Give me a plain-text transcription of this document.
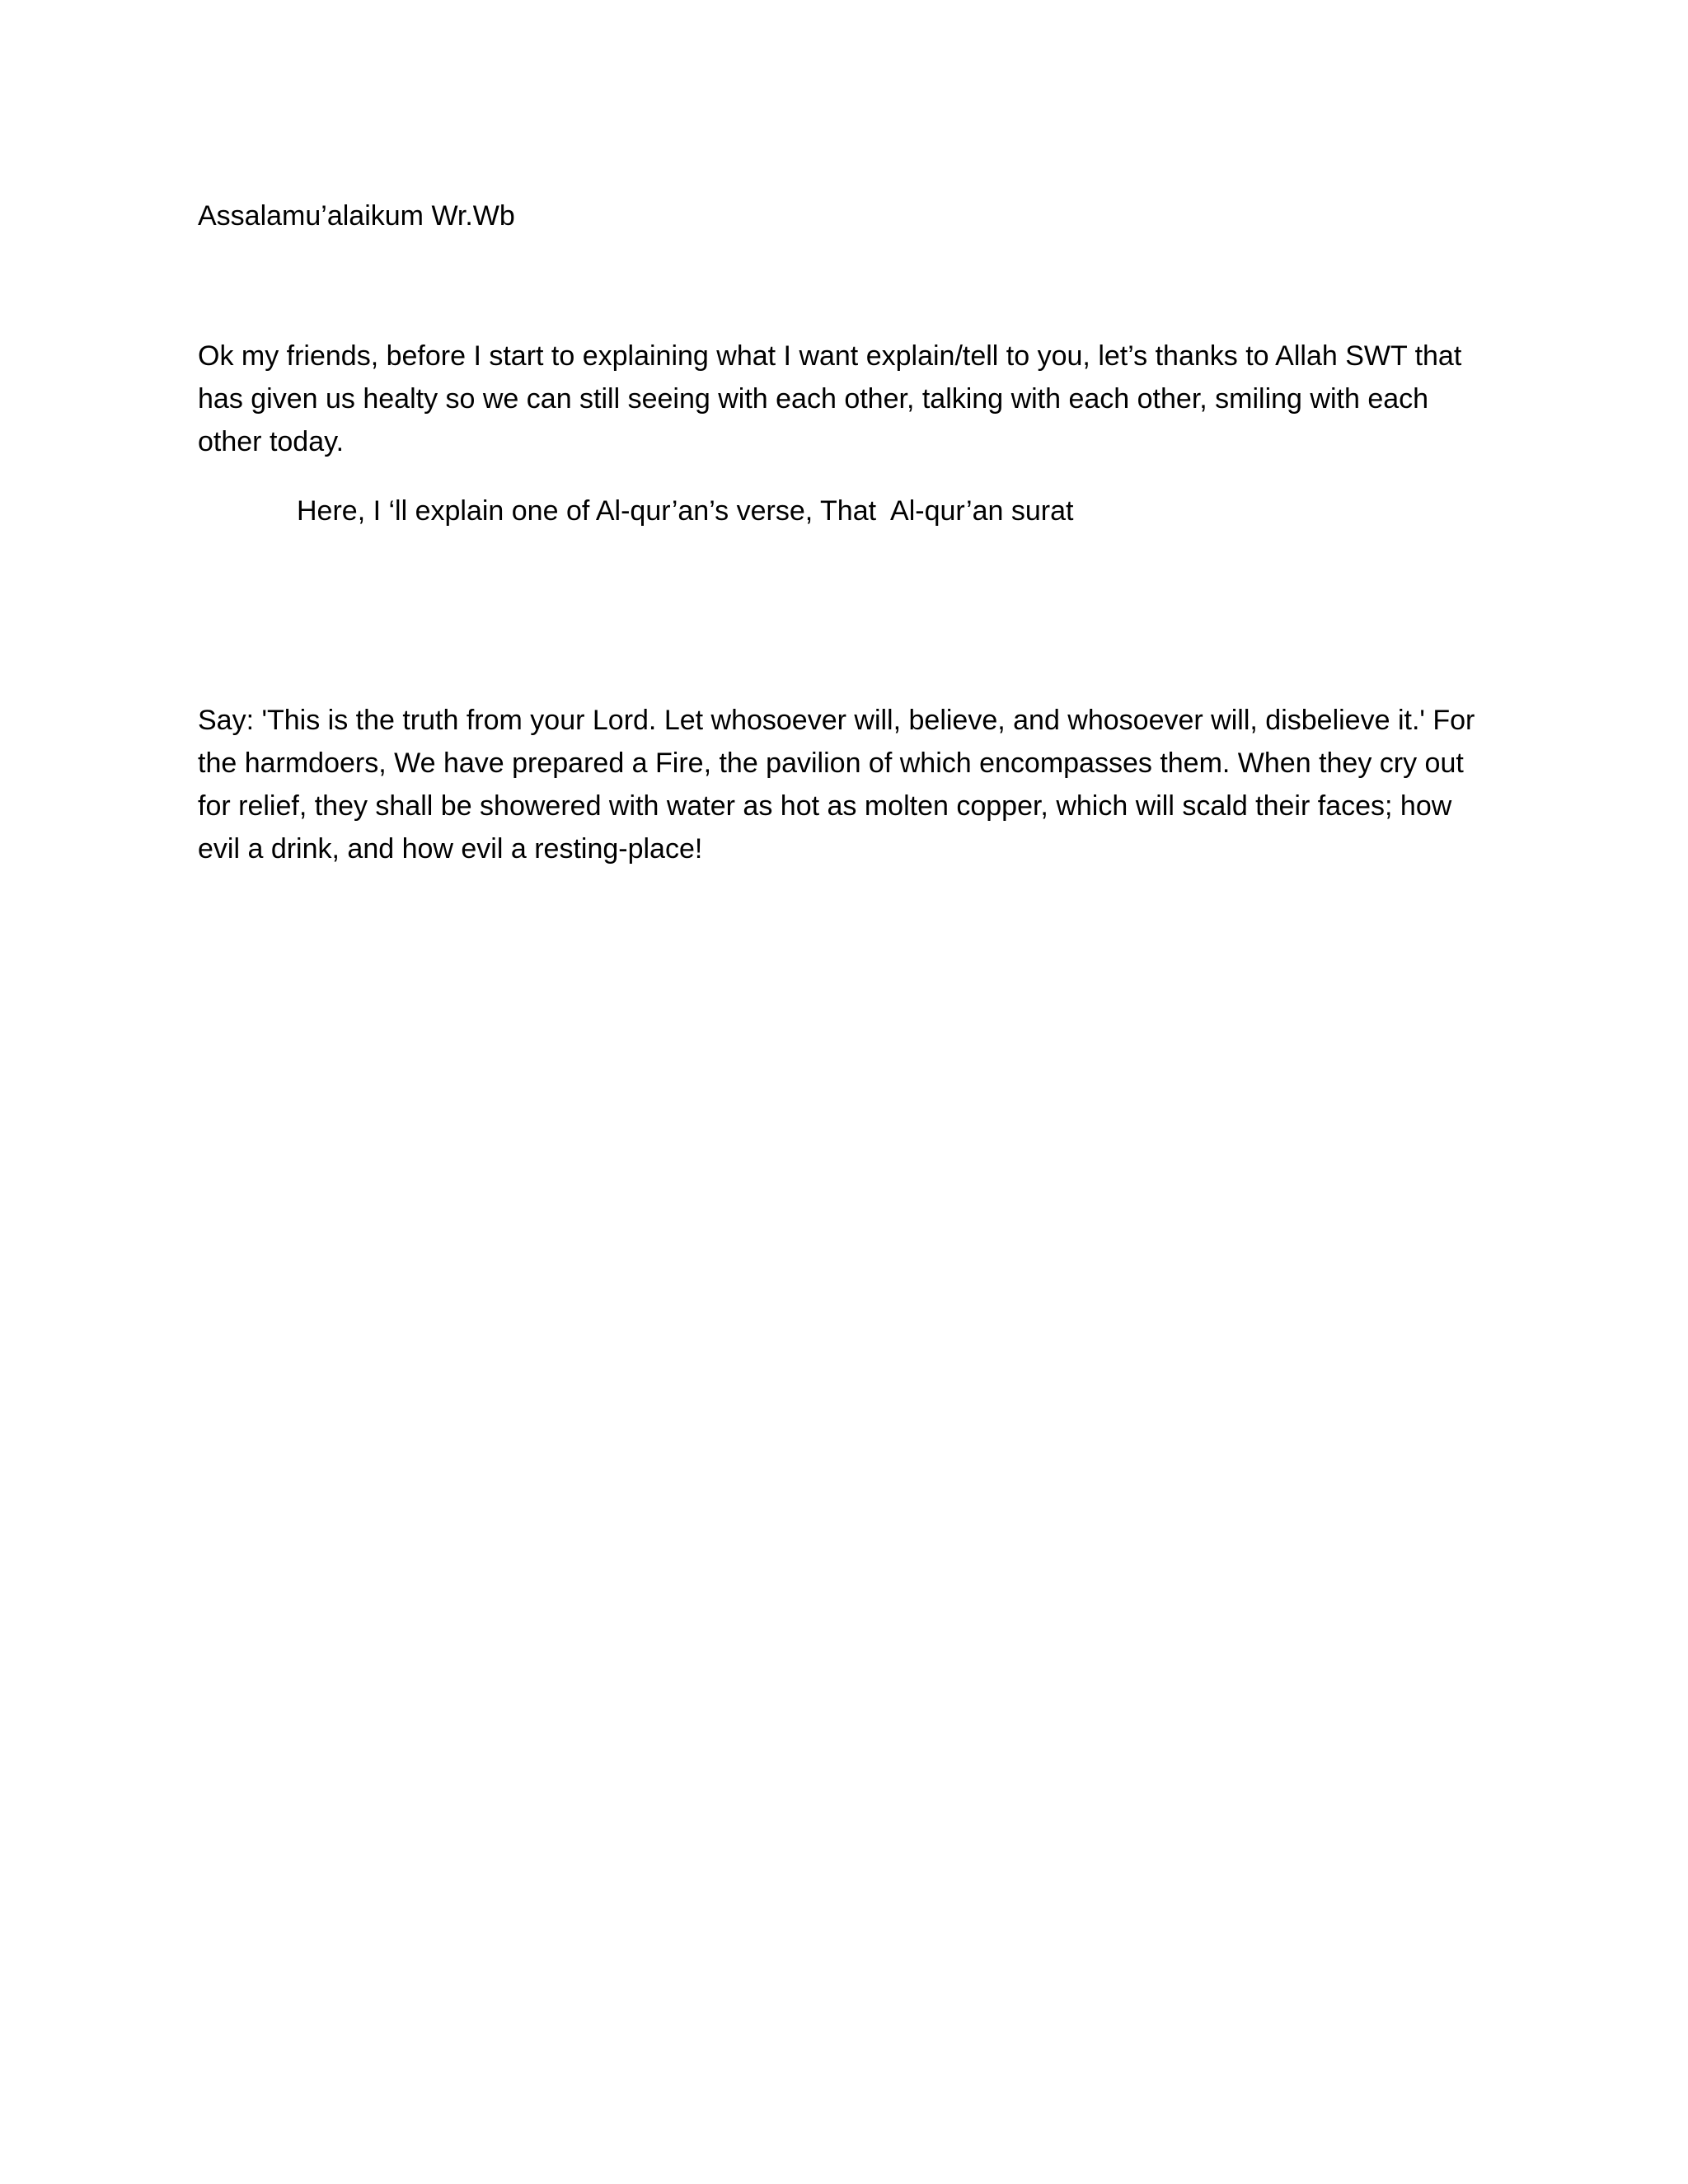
Assalamu’alaikum Wr.Wb

Ok my friends, before I start to explaining what I want explain/tell to you, let’s thanks to Allah SWT that

has given us healty so we can still seeing with each other, talking with each other, smiling with each

other today.

Here, I ‘ll explain one of Al-qur’an’s verse, That  Al-qur’an surat

Say: 'This is the truth from your Lord. Let whosoever will, believe, and whosoever will, disbelieve it.' For

the harmdoers, We have prepared a Fire, the pavilion of which encompasses them. When they cry out

for relief, they shall be showered with water as hot as molten copper, which will scald their faces; how

evil a drink, and how evil a resting-place!
